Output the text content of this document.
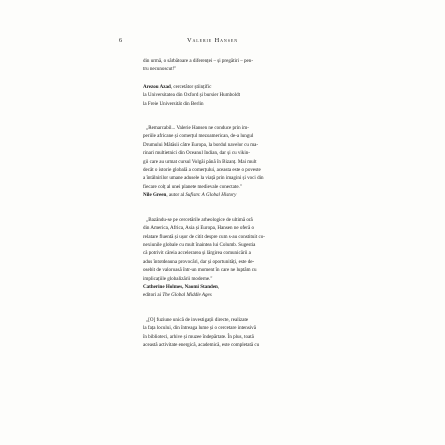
6	Valerie Hansen

din urmă, o sărbătoare a diferenței – și pregătiri – pen-

tru necunoscut!"

Arezou Azad, cercetător științific

la Universitatea din Oxford și bursier Humboldt

la Freie Universität din Berlin

„Remarcabil... Valerie Hansen ne conduce prin im-

periile africane și comerțul mezoamerican, de-a lungul

Drumului Mătăsii către Europa, la bordul navelor cu ma-

rinari multietnici din Oceanul Indian, dar și cu vikin-

gii care au urmat cursul Volgăi până în Bizanț. Mai mult

decât o istorie globală a comerțului, aceasta este o poveste

a întâlnirilor umane adusele la viață prin imagini și voci din

fiecare colț al unei planete medievale conectate."

Nile Green, autor al Sufism: A Global History

„Bazându-se pe cercetările arheologice de ultimă oră

din America, Africa, Asia și Europa, Hansen ne oferă o

relatare fluentă și ușor de citit despre cum s-au constituit co-

nexiunile globale cu mult înaintea lui Columb. Sugestia

că potrivit căreia accelerarea și lărgirea comunicării a

adus întotdeauna provocări, dar și oportunități, este de-

osebit de valoroasă într-un moment în care ne luptăm cu

implicațiile globalizării moderne."

Catherine Holmes, Naomi Standen,

editori ai The Global Middle Ages

„[O] fuziune unică de investigații directe, realizate

la fața locului, din întreaga lume și o cercetare intensivă

în biblioteci, arhive și muzee îndepărtate. În plus, toată

această activitate energică, academică, este completată cu
